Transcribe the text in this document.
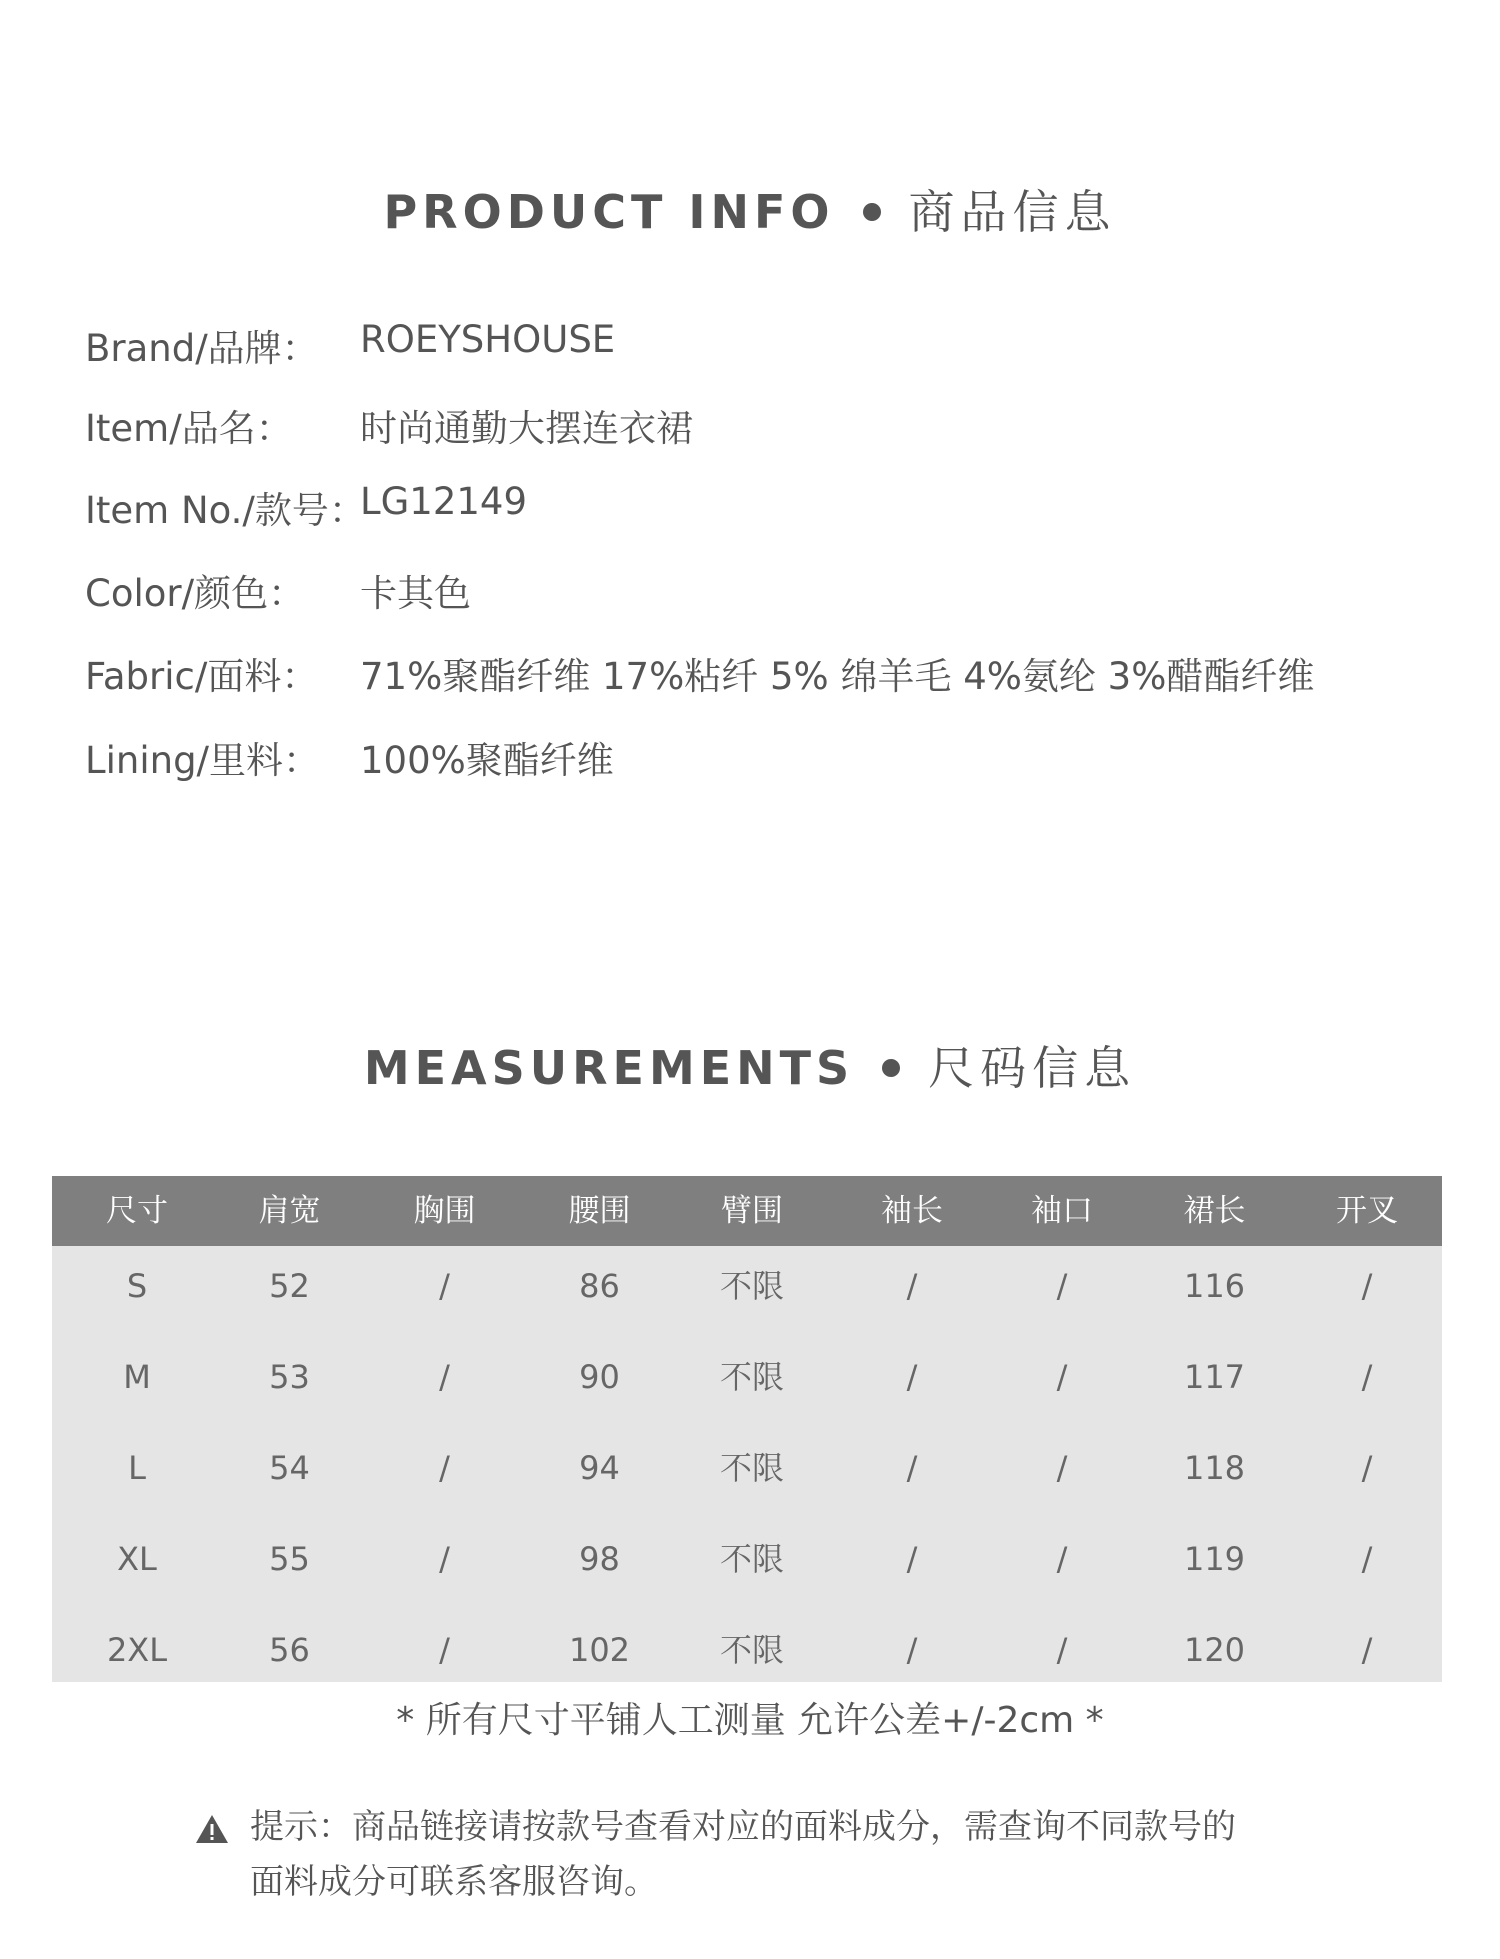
PRODUCT INFO 商品信息
Brand/品牌： ROEYSHOUSE
Item/品名： 时尚通勤大摆连衣裙
Item No./款号：
LG12149
Color/颜色： 卡其色
Fabric/面料： 71%聚酯纤维 17%粘纤 5% 绵羊毛 4%氨纶 3%醋酯纤维
Lining/里料： 100%聚酯纤维
MEASUREMENTS 尺码信息
尺寸	肩宽	胸围	腰围	臂围	袖长	袖口	裙长	开叉
S	52	/	86	不限	/	/	116	/
M	53	/	90	不限	/	/	117	/
L	54	/	94	不限	/	/	118	/
XL	55	/	98	不限	/	/	119	/
2XL	56	/	102	不限	/	/	120	/
* 所有尺寸平铺人工测量 允许公差+/-2cm *
提示：商品链接请按款号查看对应的面料成分，需查询不同款号的
面料成分可联系客服咨询。
